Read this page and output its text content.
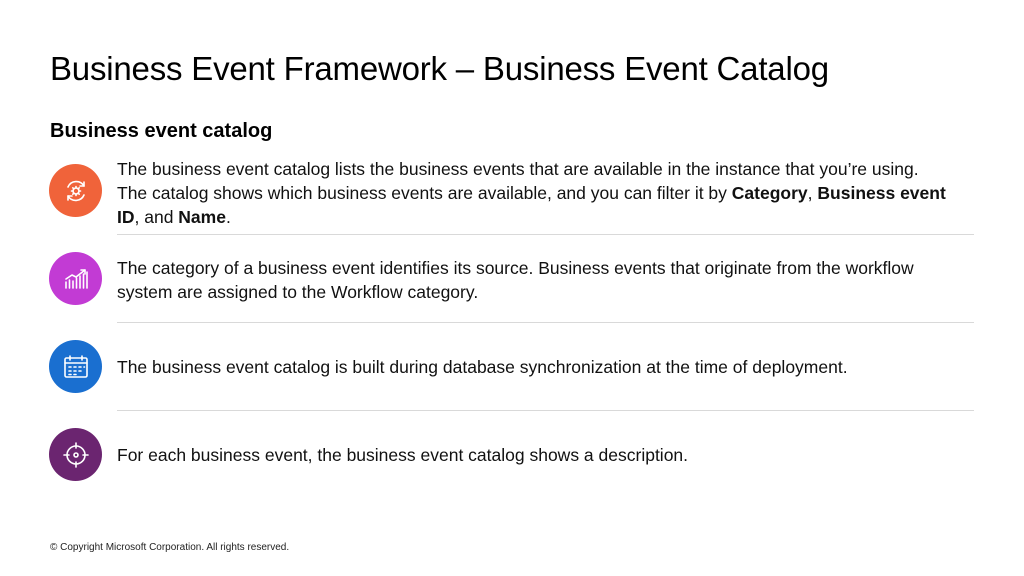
Business Event Framework – Business Event Catalog
Business event catalog
The business event catalog lists the business events that are available in the instance that you’re using. The catalog shows which business events are available, and you can filter it by Category, Business event ID, and Name.
The category of a business event identifies its source. Business events that originate from the workflow system are assigned to the Workflow category.
The business event catalog is built during database synchronization at the time of deployment.
For each business event, the business event catalog shows a description.
© Copyright Microsoft Corporation. All rights reserved.
